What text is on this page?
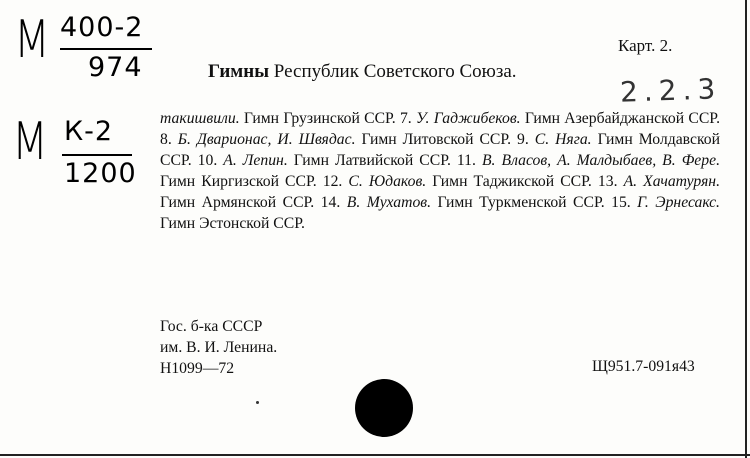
М 400-2
974
М К-2
1200
Карт. 2.
Гимны Республик Советского Союза.
2.2.3
такишвили. Гимн Грузинской ССР. 7. У. Гаджибеков. Гимн Азербайджанской ССР. 8. Б. Дварионас, И. Швядас. Гимн Литовской ССР. 9. С. Няга. Гимн Молдавской ССР. 10. А. Лепин. Гимн Латвийской ССР. 11. В. Власов, А. Малдыбаев, В. Фере. Гимн Киргизской ССР. 12. С. Юдаков. Гимн Таджикской ССР. 13. А. Хачатурян. Гимн Армянской ССР. 14. В. Мухатов. Гимн Туркменской ССР. 15. Г. Эрнесакс. Гимн Эстонской ССР.
Гос. б-ка СССР
им. В. И. Ленина.
Н1099—72	Щ951.7-091я43
